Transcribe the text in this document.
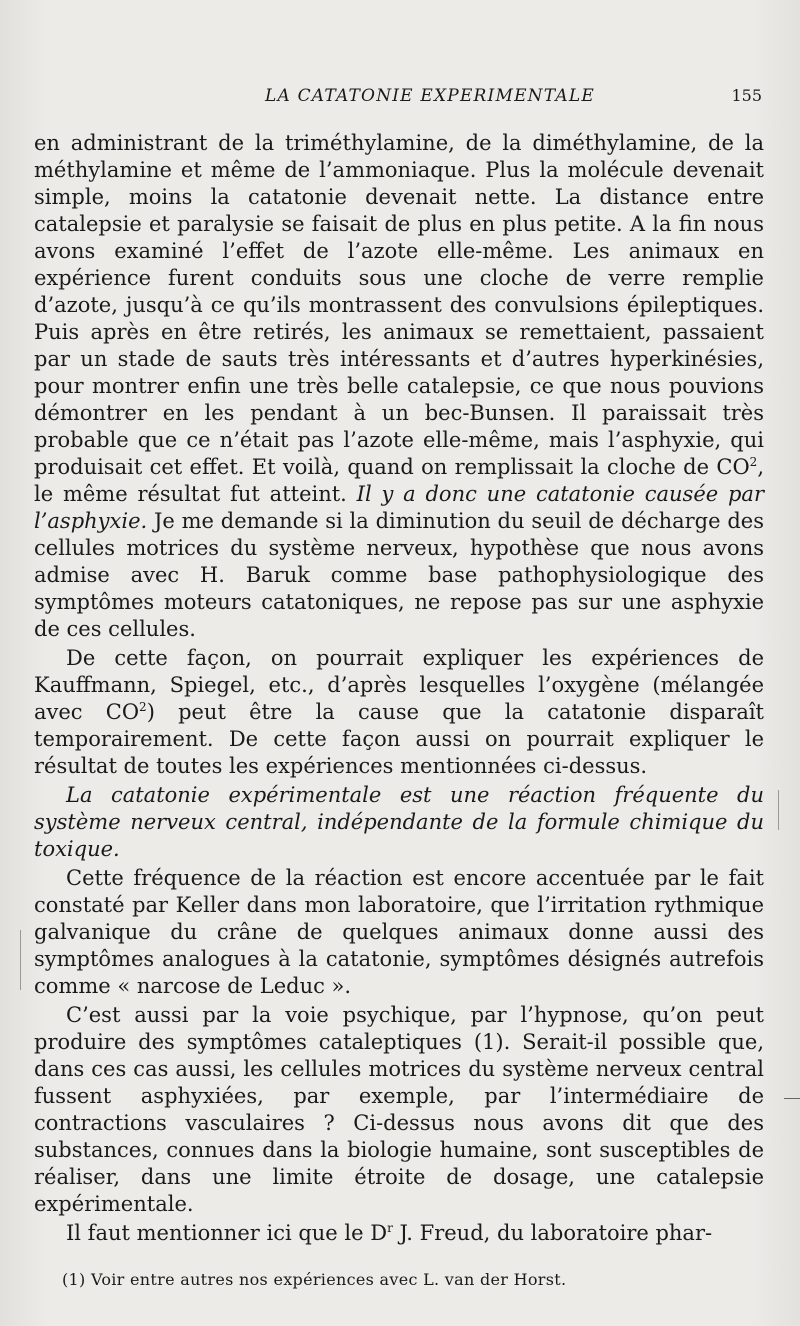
LA CATATONIE EXPERIMENTALE	155

en administrant de la triméthylamine, de la diméthylamine, de la méthylamine et même de l’ammoniaque. Plus la molécule devenait simple, moins la catatonie devenait nette. La distance entre catalepsie et paralysie se faisait de plus en plus petite. A la fin nous avons examiné l’effet de l’azote elle-même. Les animaux en expérience furent conduits sous une cloche de verre remplie d’azote, jusqu’à ce qu’ils montrassent des convulsions épileptiques. Puis après en être retirés, les animaux se remettaient, passaient par un stade de sauts très intéressants et d’autres hyperkinésies, pour montrer enfin une très belle catalepsie, ce que nous pouvions démontrer en les pendant à un bec-Bunsen. Il paraissait très probable que ce n’était pas l’azote elle-même, mais l’asphyxie, qui produisait cet effet. Et voilà, quand on remplissait la cloche de $CO^2$, le même résultat fut atteint. Il y a donc une catatonie causée par l’asphyxie. Je me demande si la diminution du seuil de décharge des cellules motrices du système nerveux, hypothèse que nous avons admise avec H. Baruk comme base pathophysiologique des symptômes moteurs catatoniques, ne repose pas sur une asphyxie de ces cellules.

De cette façon, on pourrait expliquer les expériences de Kauffmann, Spiegel, etc., d’après lesquelles l’oxygène (mélangée avec $CO^2$) peut être la cause que la catatonie disparaît temporairement. De cette façon aussi on pourrait expliquer le résultat de toutes les expériences mentionnées ci-dessus.

La catatonie expérimentale est une réaction fréquente du système nerveux central, indépendante de la formule chimique du toxique.

Cette fréquence de la réaction est encore accentuée par le fait constaté par Keller dans mon laboratoire, que l’irritation rythmique galvanique du crâne de quelques animaux donne aussi des symptômes analogues à la catatonie, symptômes désignés autrefois comme « narcose de Leduc ».

C’est aussi par la voie psychique, par l’hypnose, qu’on peut produire des symptômes cataleptiques (1). Serait-il possible que, dans ces cas aussi, les cellules motrices du système nerveux central fussent asphyxiées, par exemple, par l’intermédiaire de contractions vasculaires ? Ci-dessus nous avons dit que des substances, connues dans la biologie humaine, sont susceptibles de réaliser, dans une limite étroite de dosage, une catalepsie expérimentale.

Il faut mentionner ici que le $D^r$ J. Freud, du laboratoire phar-

(1) Voir entre autres nos expériences avec L. van der Horst.
